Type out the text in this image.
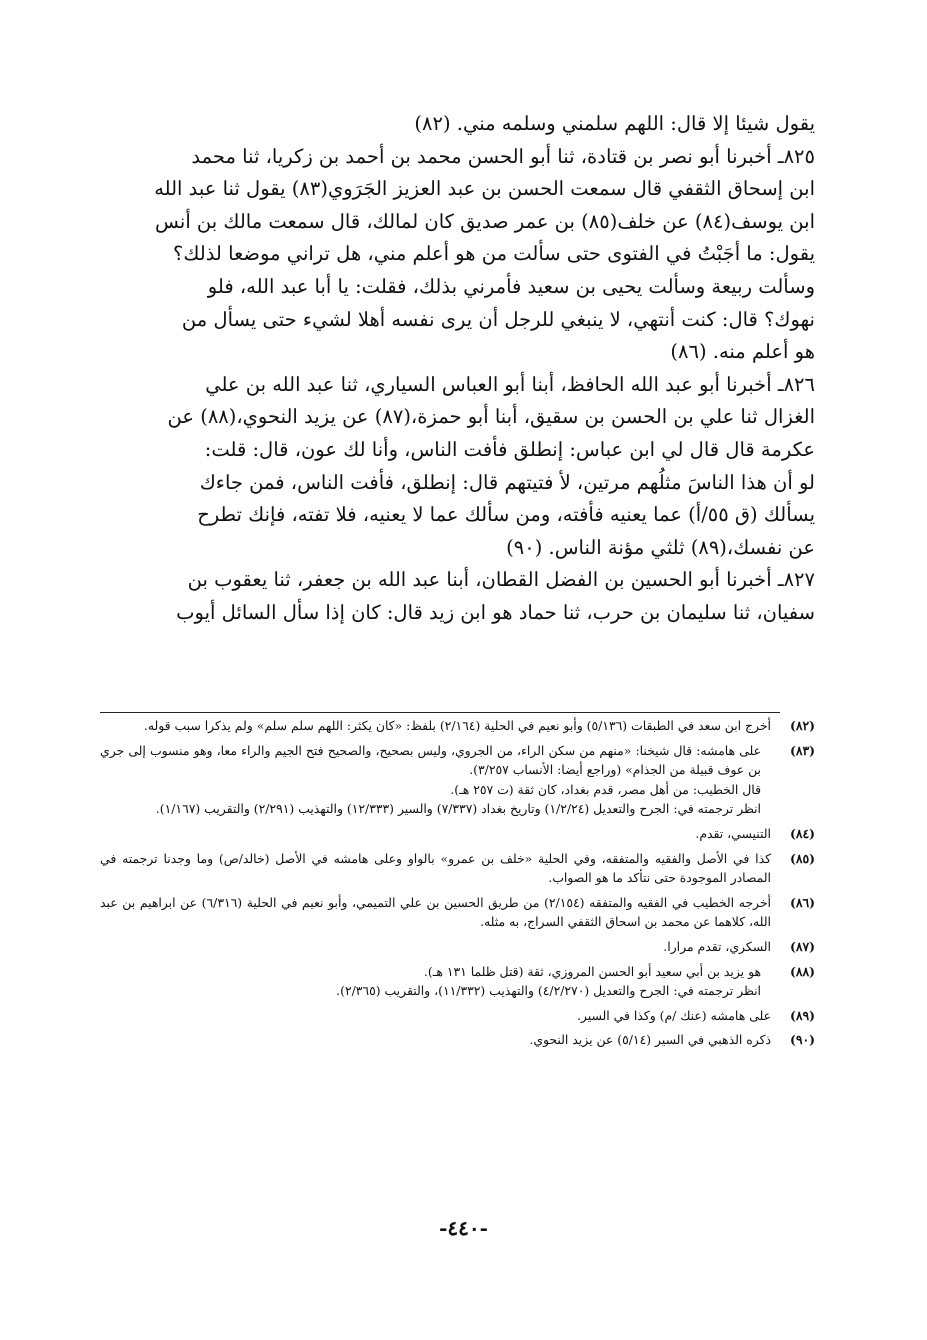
يقول شيئا إلا قال: اللهم سلمني وسلمه مني. (٨٢)

٨٢٥ـ أخبرنا أبو نصر بن قتادة، ثنا أبو الحسن محمد بن أحمد بن زكريا، ثنا محمد

ابن إسحاق الثقفي قال سمعت الحسن بن عبد العزيز الجَرَوي(٨٣) يقول ثنا عبد الله

ابن يوسف(٨٤) عن خلف(٨٥) بن عمر صديق كان لمالك، قال سمعت مالك بن أنس

يقول: ما أجَبْتُ في الفتوى حتى سألت من هو أعلم مني، هل تراني موضعا لذلك؟

وسألت ربيعة وسألت يحيى بن سعيد فأمرني بذلك، فقلت: يا أبا عبد الله، فلو

نهوك؟ قال: كنت أنتهي، لا ينبغي للرجل أن يرى نفسه أهلا لشيء حتى يسأل من

هو أعلم منه. (٨٦)

٨٢٦ـ أخبرنا أبو عبد الله الحافظ، أبنا أبو العباس السياري، ثنا عبد الله بن علي

الغزال ثنا علي بن الحسن بن سقيق، أبنا أبو حمزة،(٨٧) عن يزيد النحوي،(٨٨) عن

عكرمة قال قال لي ابن عباس: إنطلق فأفت الناس، وأنا لك عون، قال: قلت:

لو أن هذا الناسَ مثلُهم مرتين، لأ فتيتهم قال: إنطلق، فأفت الناس، فمن جاءك

يسألك (ق ٥٥/أ) عما يعنيه فأفته، ومن سألك عما لا يعنيه، فلا تفته، فإنك تطرح

عن نفسك،(٨٩) ثلثي مؤنة الناس. (٩٠)

٨٢٧ـ أخبرنا أبو الحسين بن الفضل القطان، أبنا عبد الله بن جعفر، ثنا يعقوب بن

سفيان، ثنا سليمان بن حرب، ثنا حماد هو ابن زيد قال: كان إذا سأل السائل أيوب

(٨٢)
أخرج ابن سعد في الطبقات (٥/١٣٦) وأبو نعيم في الحلية (٢/١٦٤) بلفظ: «كان يكثر: اللهم سلم سلم» ولم يذكرا سبب قوله.
(٨٣)
على هامشه: قال شيخنا: «منهم من سكن الراء، من الجروي، وليس بصحيح، والصحيح فتح الجيم والراء معا، وهو منسوب إلى جري بن عوف قبيلة من الجذام» (وراجع أيضا: الأنساب ٣/٢٥٧).
قال الخطيب: من أهل مصر، قدم بغداد، كان ثقة (ت ٢٥٧ هـ).
انظر ترجمته في: الجرح والتعديل (١/٢/٢٤) وتاريخ بغداد (٧/٣٣٧) والسير (١٢/٣٣٣) والتهذيب (٢/٢٩١) والتقريب (١/١٦٧).
(٨٤)
التنيسي، تقدم.
(٨٥)
كذا في الأصل والفقيه والمتفقه، وفي الحلية «خلف بن عمرو» بالواو وعلى هامشه في الأصل (خالد/ص) وما وجدنا ترجمته في المصادر الموجودة حتى نتأكد ما هو الصواب.
(٨٦)
أخرجه الخطيب في الفقيه والمتفقه (٢/١٥٤) من طريق الحسين بن علي التميمي، وأبو نعيم في الحلية (٦/٣١٦) عن ابراهيم بن عبد الله، كلاهما عن محمد بن اسحاق الثقفي السراج، به مثله.
(٨٧)
السكري، تقدم مرارا.
(٨٨)
هو يزيد بن أبي سعيد أبو الحسن المروزي، ثقة (قتل ظلما ١٣١ هـ).
انظر ترجمته في: الجرح والتعديل (٤/٢/٢٧٠) والتهذيب (١١/٣٣٢)، والتقريب (٢/٣٦٥).
(٨٩)
على هامشه (عنك /م) وكذا في السير.
(٩٠)
ذكره الذهبي في السير (٥/١٤) عن يزيد النحوي.
-٤٤٠-
